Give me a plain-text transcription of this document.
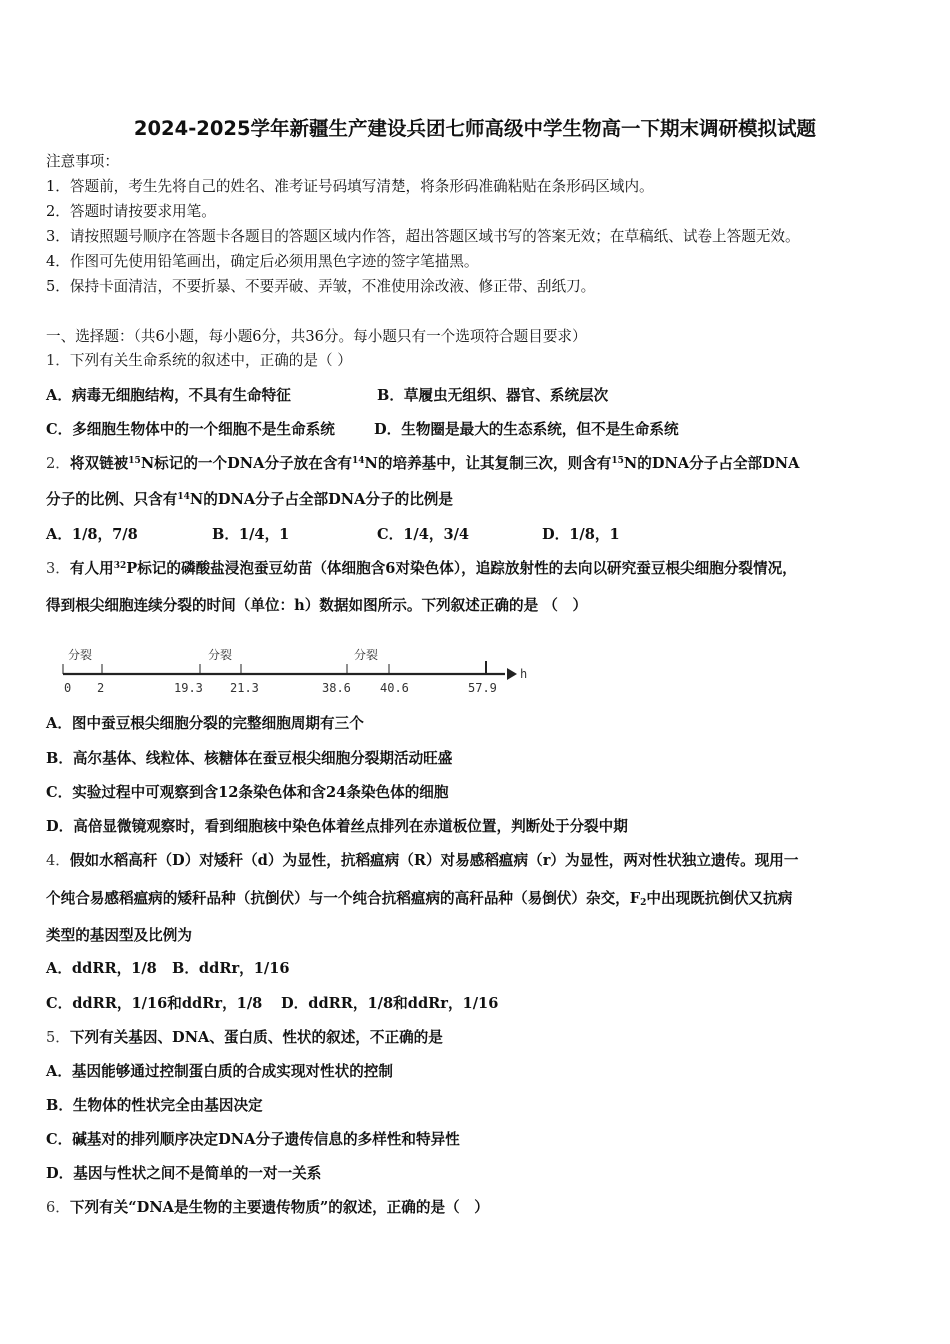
2024-2025学年新疆生产建设兵团七师高级中学生物高一下期末调研模拟试题
注意事项：
1．答题前，考生先将自己的姓名、准考证号码填写清楚，将条形码准确粘贴在条形码区域内。
2．答题时请按要求用笔。
3．请按照题号顺序在答题卡各题目的答题区域内作答，超出答题区域书写的答案无效；在草稿纸、试卷上答题无效。
4．作图可先使用铅笔画出，确定后必须用黑色字迹的签字笔描黑。
5．保持卡面清洁，不要折暴、不要弄破、弄皱，不准使用涂改液、修正带、刮纸刀。
一、选择题：（共6小题，每小题6分，共36分。每小题只有一个选项符合题目要求）
1．下列有关生命系统的叙述中，正确的是（ ）
A．病毒无细胞结构，不具有生命特征	B．草履虫无组织、器官、系统层次
C．多细胞生物体中的一个细胞不是生命系统	D．生物圈是最大的生态系统，但不是生命系统
2．将双链被$^{15}$N标记的一个DNA分子放在含有$^{14}$N的培养基中，让其复制三次，则含有$^{15}$N的DNA分子占全部DNA
分子的比例、只含有$^{14}$N的DNA分子占全部DNA分子的比例是
A．1/8，7/8	B．1/4，1	C．1/4，3/4	D．1/8，1
3．有人用$^{32}$P标记的磷酸盐浸泡蚕豆幼苗（体细胞含6对染色体），追踪放射性的去向以研究蚕豆根尖细胞分裂情况，
得到根尖细胞连续分裂的时间（单位：h）数据如图所示。下列叙述正确的是 （　）
分裂	分裂	分裂
h
0 2	19.3 21.3	38.6 40.6	57.9
A．图中蚕豆根尖细胞分裂的完整细胞周期有三个
B．高尔基体、线粒体、核糖体在蚕豆根尖细胞分裂期活动旺盛
C．实验过程中可观察到含12条染色体和含24条染色体的细胞
D．高倍显微镜观察时，看到细胞核中染色体着丝点排列在赤道板位置，判断处于分裂中期
4．假如水稻高秆（D）对矮秆（d）为显性，抗稻瘟病（R）对易感稻瘟病（r）为显性，两对性状独立遗传。现用一
个纯合易感稻瘟病的矮秆品种（抗倒伏）与一个纯合抗稻瘟病的高秆品种（易倒伏）杂交，$F_2$中出现既抗倒伏又抗病
类型的基因型及比例为
A．ddRR，1/8 B．ddRr，1/16
C．ddRR，1/16和ddRr，1/8 D．ddRR，1/8和ddRr，1/16
5．下列有关基因、DNA、蛋白质、性状的叙述，不正确的是
A．基因能够通过控制蛋白质的合成实现对性状的控制
B．生物体的性状完全由基因决定
C．碱基对的排列顺序决定DNA分子遗传信息的多样性和特异性
D．基因与性状之间不是简单的一对一关系
6．下列有关“DNA是生物的主要遗传物质”的叙述，正确的是（　）
